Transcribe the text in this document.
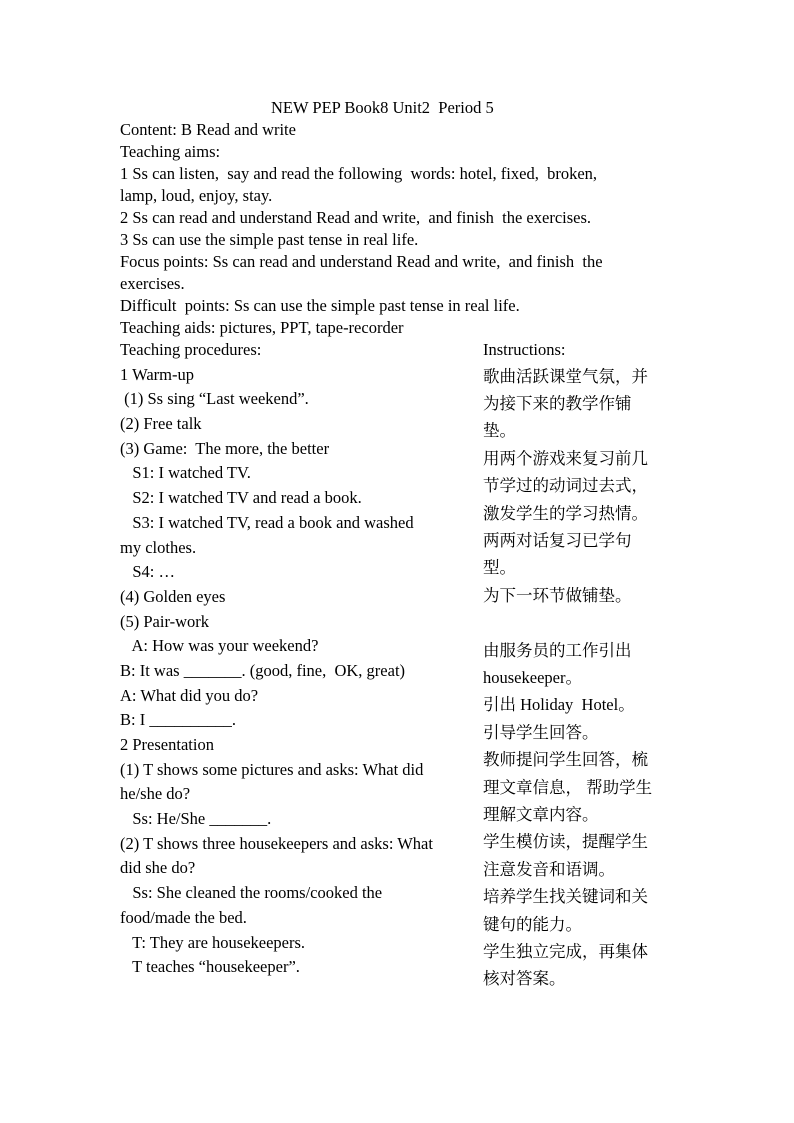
NEW PEP Book8 Unit2  Period 5
Content: B Read and write
Teaching aims:
1 Ss can listen,  say and read the following  words: hotel, fixed,  broken,
lamp, loud, enjoy, stay.
2 Ss can read and understand Read and write,  and finish  the exercises.
3 Ss can use the simple past tense in real life.
Focus points: Ss can read and understand Read and write,  and finish  the
exercises.
Difficult  points: Ss can use the simple past tense in real life.
Teaching aids: pictures, PPT, tape-recorder
Teaching procedures:
1 Warm-up
(1) Ss sing “Last weekend”.
(2) Free talk
(3) Game:  The more, the better
S1: I watched TV.
S2: I watched TV and read a book.
S3: I watched TV, read a book and washed
my clothes.
S4: …
(4) Golden eyes
(5) Pair-work
A: How was your weekend?
B: It was _______. (good, fine,  OK, great)
A: What did you do?
B: I __________.
2 Presentation
(1) T shows some pictures and asks: What did
he/she do?
Ss: He/She _______.
(2) T shows three housekeepers and asks: What
did she do?
Ss: She cleaned the rooms/cooked the
food/made the bed.
T: They are housekeepers.
T teaches “housekeeper”.
Instructions:
歌曲活跃课堂气氛，并
为接下来的教学作铺
垫。
用两个游戏来复习前几
节学过的动词过去式，
激发学生的学习热情。
两两对话复习已学句
型。
为下一环节做铺垫。
由服务员的工作引出
housekeeper。
引出 Holiday  Hotel。
引导学生回答。
教师提问学生回答，梳
理文章信息， 帮助学生
理解文章内容。
学生模仿读，提醒学生
注意发音和语调。
培养学生找关键词和关
键句的能力。
学生独立完成，再集体
核对答案。
